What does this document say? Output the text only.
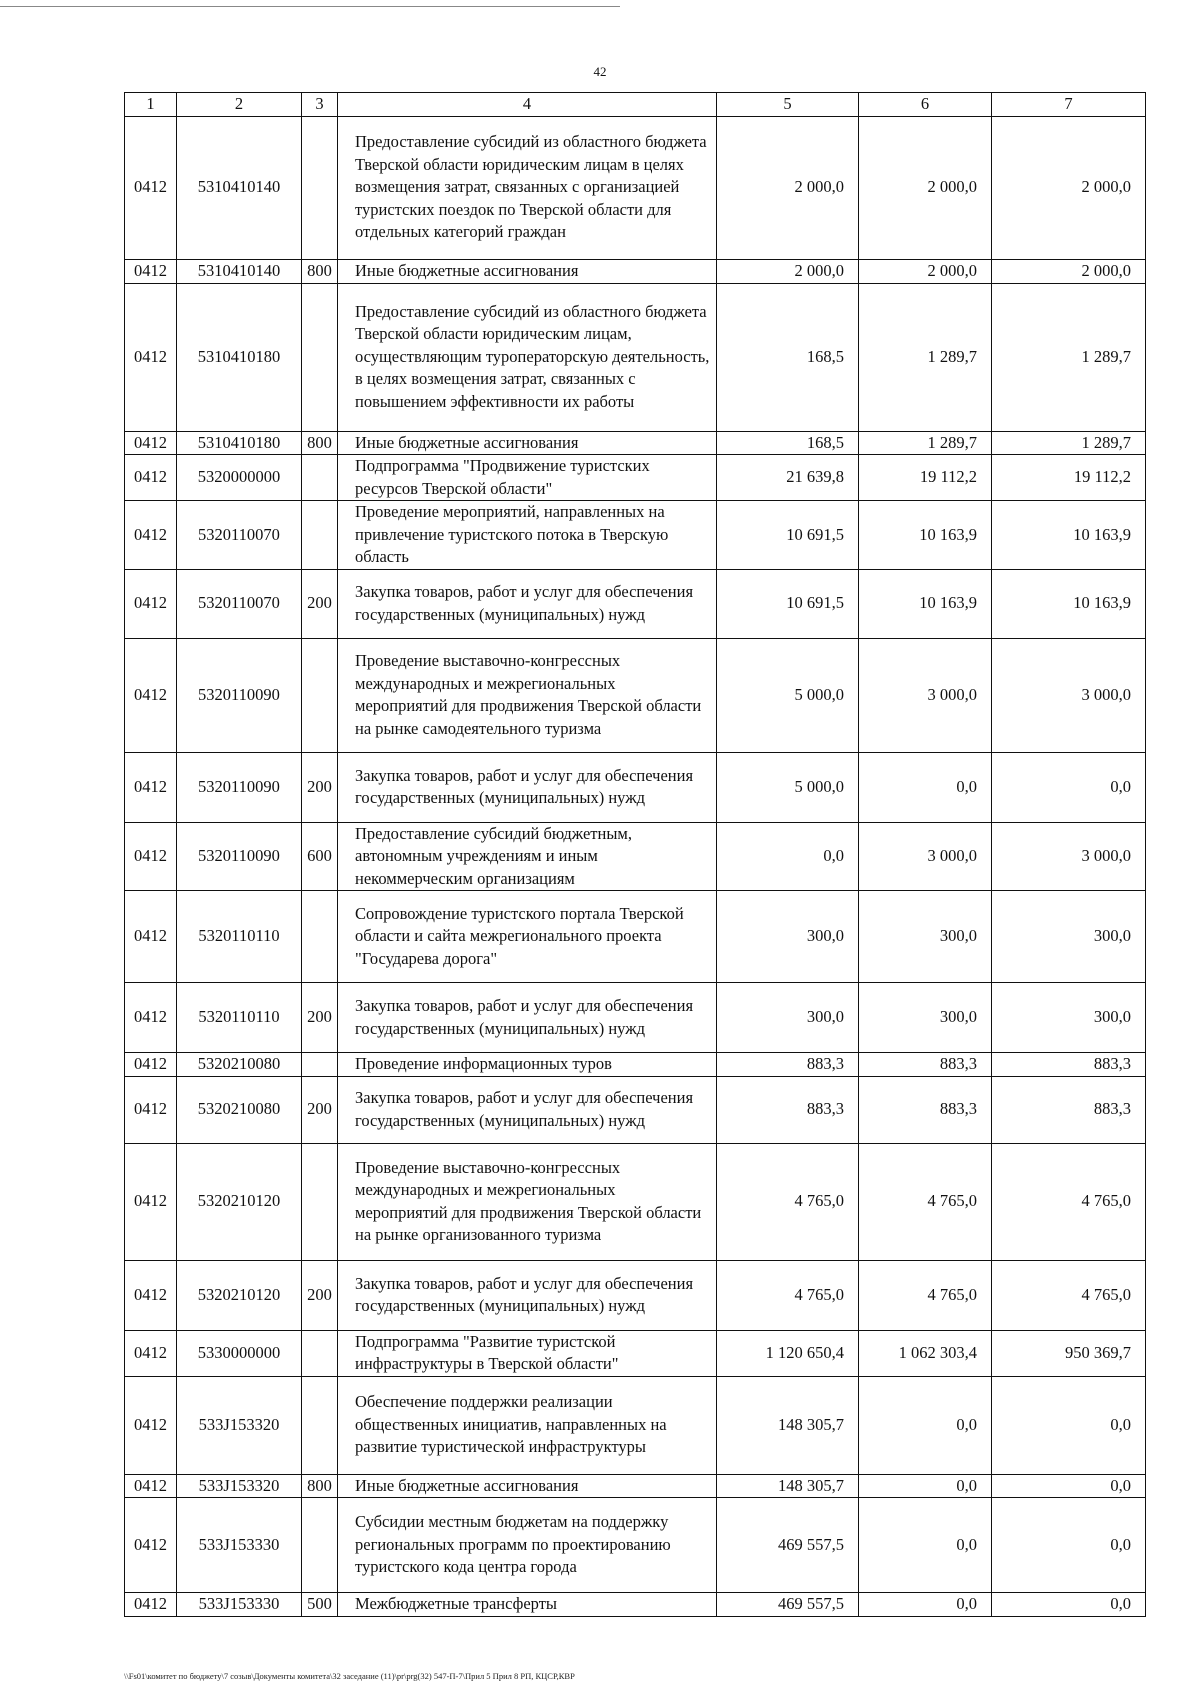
42
1	2	3	4	5	6	7
0412	5310410140		Предоставление субсидий из областного бюджета Тверской области юридическим лицам в целях возмещения затрат, связанных с организацией туристских поездок по Тверской области для отдельных категорий граждан	2 000,0	2 000,0	2 000,0
0412	5310410140	800	Иные бюджетные ассигнования	2 000,0	2 000,0	2 000,0
0412	5310410180		Предоставление субсидий из областного бюджета Тверской области юридическим лицам, осуществляющим туроператорскую деятельность, в целях возмещения затрат, связанных с повышением эффективности их работы	168,5	1 289,7	1 289,7
0412	5310410180	800	Иные бюджетные ассигнования	168,5	1 289,7	1 289,7
0412	5320000000		Подпрограмма "Продвижение туристских ресурсов Тверской области"	21 639,8	19 112,2	19 112,2
0412	5320110070		Проведение мероприятий, направленных на привлечение туристского потока в Тверскую область	10 691,5	10 163,9	10 163,9
0412	5320110070	200	Закупка товаров, работ и услуг для обеспечения государственных (муниципальных) нужд	10 691,5	10 163,9	10 163,9
0412	5320110090		Проведение выставочно-конгрессных международных и межрегиональных мероприятий для продвижения Тверской области на рынке самодеятельного туризма	5 000,0	3 000,0	3 000,0
0412	5320110090	200	Закупка товаров, работ и услуг для обеспечения государственных (муниципальных) нужд	5 000,0	0,0	0,0
0412	5320110090	600	Предоставление субсидий бюджетным, автономным учреждениям и иным некоммерческим организациям	0,0	3 000,0	3 000,0
0412	5320110110		Сопровождение туристского портала Тверской области и сайта межрегионального проекта "Государева дорога"	300,0	300,0	300,0
0412	5320110110	200	Закупка товаров, работ и услуг для обеспечения государственных (муниципальных) нужд	300,0	300,0	300,0
0412	5320210080		Проведение информационных туров	883,3	883,3	883,3
0412	5320210080	200	Закупка товаров, работ и услуг для обеспечения государственных (муниципальных) нужд	883,3	883,3	883,3
0412	5320210120		Проведение выставочно-конгрессных международных и межрегиональных мероприятий для продвижения Тверской области на рынке организованного туризма	4 765,0	4 765,0	4 765,0
0412	5320210120	200	Закупка товаров, работ и услуг для обеспечения государственных (муниципальных) нужд	4 765,0	4 765,0	4 765,0
0412	5330000000		Подпрограмма "Развитие туристской инфраструктуры в Тверской области"	1 120 650,4	1 062 303,4	950 369,7
0412	533J153320		Обеспечение поддержки реализации общественных инициатив, направленных на развитие туристической инфраструктуры	148 305,7	0,0	0,0
0412	533J153320	800	Иные бюджетные ассигнования	148 305,7	0,0	0,0
0412	533J153330		Субсидии местным бюджетам на поддержку региональных программ по проектированию туристского кода центра города	469 557,5	0,0	0,0
0412	533J153330	500	Межбюджетные трансферты	469 557,5	0,0	0,0
\\Fs01\комитет по бюджету\7 созыв\Документы комитета\32 заседание (11)\pr\prg(32) 547-П-7\Прил 5 Прил 8 РП, КЦСР,КВР
